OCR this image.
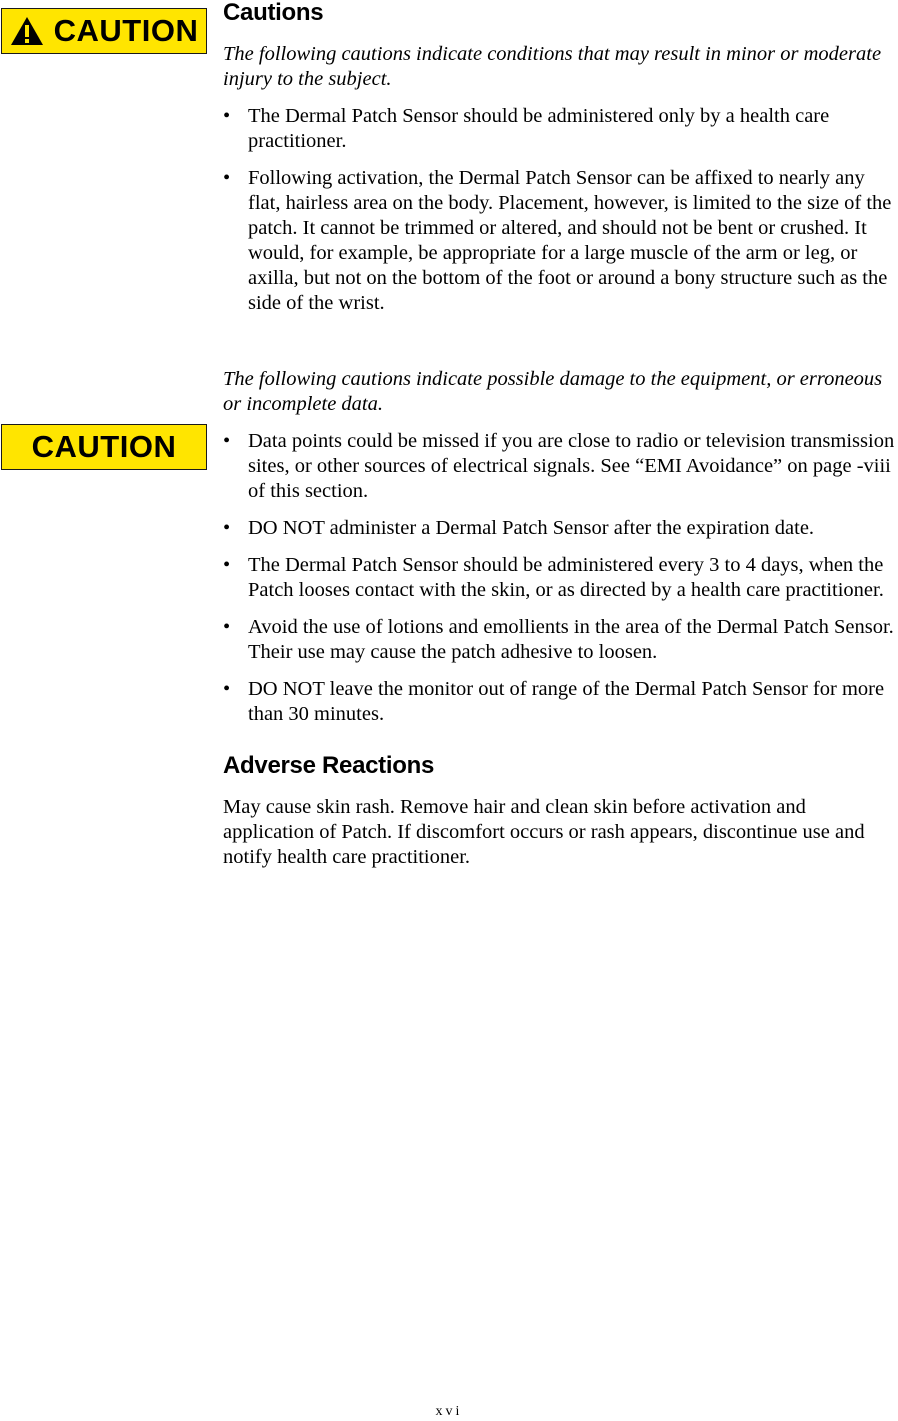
CAUTION
CAUTION
Cautions

The following cautions indicate conditions that may result in minor or moderate injury to the subject.

• The Dermal Patch Sensor should be administered only by a health care practitioner.
• Following activation, the Dermal Patch Sensor can be affixed to nearly any flat, hairless area on the body. Placement, however, is limited to the size of the patch. It cannot be trimmed or altered, and should not be bent or crushed. It would, for example, be appropriate for a large muscle of the arm or leg, or axilla, but not on the bottom of the foot or around a bony structure such as the side of the wrist.

The following cautions indicate possible damage to the equipment, or erroneous or incomplete data.

• Data points could be missed if you are close to radio or television transmission sites, or other sources of electrical signals. See “EMI Avoidance” on page -viii of this section.
• DO NOT administer a Dermal Patch Sensor after the expiration date.
• The Dermal Patch Sensor should be administered every 3 to 4 days, when the Patch looses contact with the skin, or as directed by a health care practitioner.
• Avoid the use of lotions and emollients in the area of the Dermal Patch Sensor. Their use may cause the patch adhesive to loosen.
• DO NOT leave the monitor out of range of the Dermal Patch Sensor for more than 30 minutes.
Adverse Reactions

May cause skin rash. Remove hair and clean skin before activation and application of Patch. If discomfort occurs or rash appears, discontinue use and notify health care practitioner.

xvi
